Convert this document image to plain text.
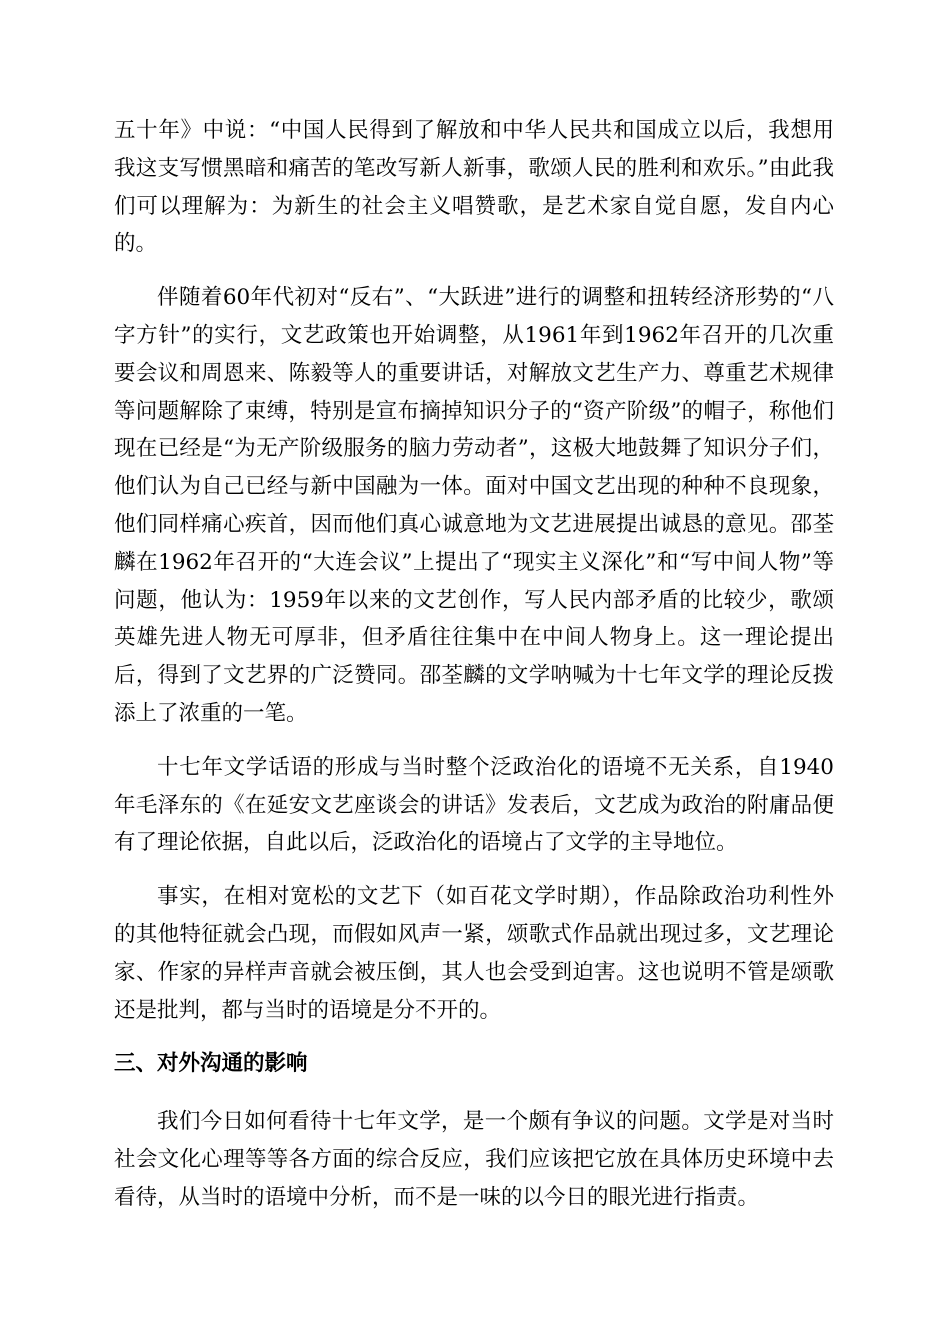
五十年》中说：“中国人民得到了解放和中华人民共和国成立以后，我想用我这支写惯黑暗和痛苦的笔改写新人新事，歌颂人民的胜利和欢乐。”由此我们可以理解为：为新生的社会主义唱赞歌，是艺术家自觉自愿，发自内心的。

伴随着60年代初对“反右”、“大跃进”进行的调整和扭转经济形势的“八字方针”的实行，文艺政策也开始调整，从1961年到1962年召开的几次重要会议和周恩来、陈毅等人的重要讲话，对解放文艺生产力、尊重艺术规律等问题解除了束缚，特别是宣布摘掉知识分子的“资产阶级”的帽子，称他们现在已经是“为无产阶级服务的脑力劳动者”，这极大地鼓舞了知识分子们，他们认为自己已经与新中国融为一体。面对中国文艺出现的种种不良现象，他们同样痛心疾首，因而他们真心诚意地为文艺进展提出诚恳的意见。邵荃麟在1962年召开的“大连会议”上提出了“现实主义深化”和“写中间人物”等问题，他认为：1959年以来的文艺创作，写人民内部矛盾的比较少，歌颂英雄先进人物无可厚非，但矛盾往往集中在中间人物身上。这一理论提出后，得到了文艺界的广泛赞同。邵荃麟的文学呐喊为十七年文学的理论反拨添上了浓重的一笔。

十七年文学话语的形成与当时整个泛政治化的语境不无关系，自1940年毛泽东的《在延安文艺座谈会的讲话》发表后，文艺成为政治的附庸品便有了理论依据，自此以后，泛政治化的语境占了文学的主导地位。

事实，在相对宽松的文艺下（如百花文学时期），作品除政治功利性外的其他特征就会凸现，而假如风声一紧，颂歌式作品就出现过多，文艺理论家、作家的异样声音就会被压倒，其人也会受到迫害。这也说明不管是颂歌还是批判，都与当时的语境是分不开的。

三、对外沟通的影响

我们今日如何看待十七年文学，是一个颇有争议的问题。文学是对当时社会文化心理等等各方面的综合反应，我们应该把它放在具体历史环境中去看待，从当时的语境中分析，而不是一味的以今日的眼光进行指责。
